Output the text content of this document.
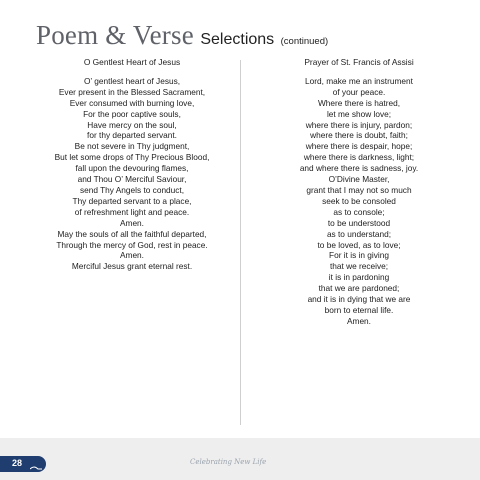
Poem & Verse Selections (continued)
O Gentlest Heart of Jesus
O’ gentlest heart of Jesus,
Ever present in the Blessed Sacrament,
Ever consumed with burning love,
For the poor captive souls,
Have mercy on the soul,
for thy departed servant.
Be not severe in Thy judgment,
But let some drops of Thy Precious Blood,
fall upon the devouring flames,
and Thou O’ Merciful Saviour,
send Thy Angels to conduct,
Thy departed servant to a place,
of refreshment light and peace.
Amen.
May the souls of all the faithful departed,
Through the mercy of God, rest in peace.
Amen.
Merciful Jesus grant eternal rest.
Prayer of St. Francis of Assisi
Lord, make me an instrument
of your peace.
Where there is hatred,
let me show love;
where there is injury, pardon;
where there is doubt, faith;
where there is despair, hope;
where there is darkness, light;
and where there is sadness, joy.
O’Divine Master,
grant that I may not so much
seek to be consoled
as to console;
to be understood
as to understand;
to be loved, as to love;
For it is in giving
that we receive;
it is in pardoning
that we are pardoned;
and it is in dying that we are
born to eternal life.
Amen.
28	Celebrating New Life
